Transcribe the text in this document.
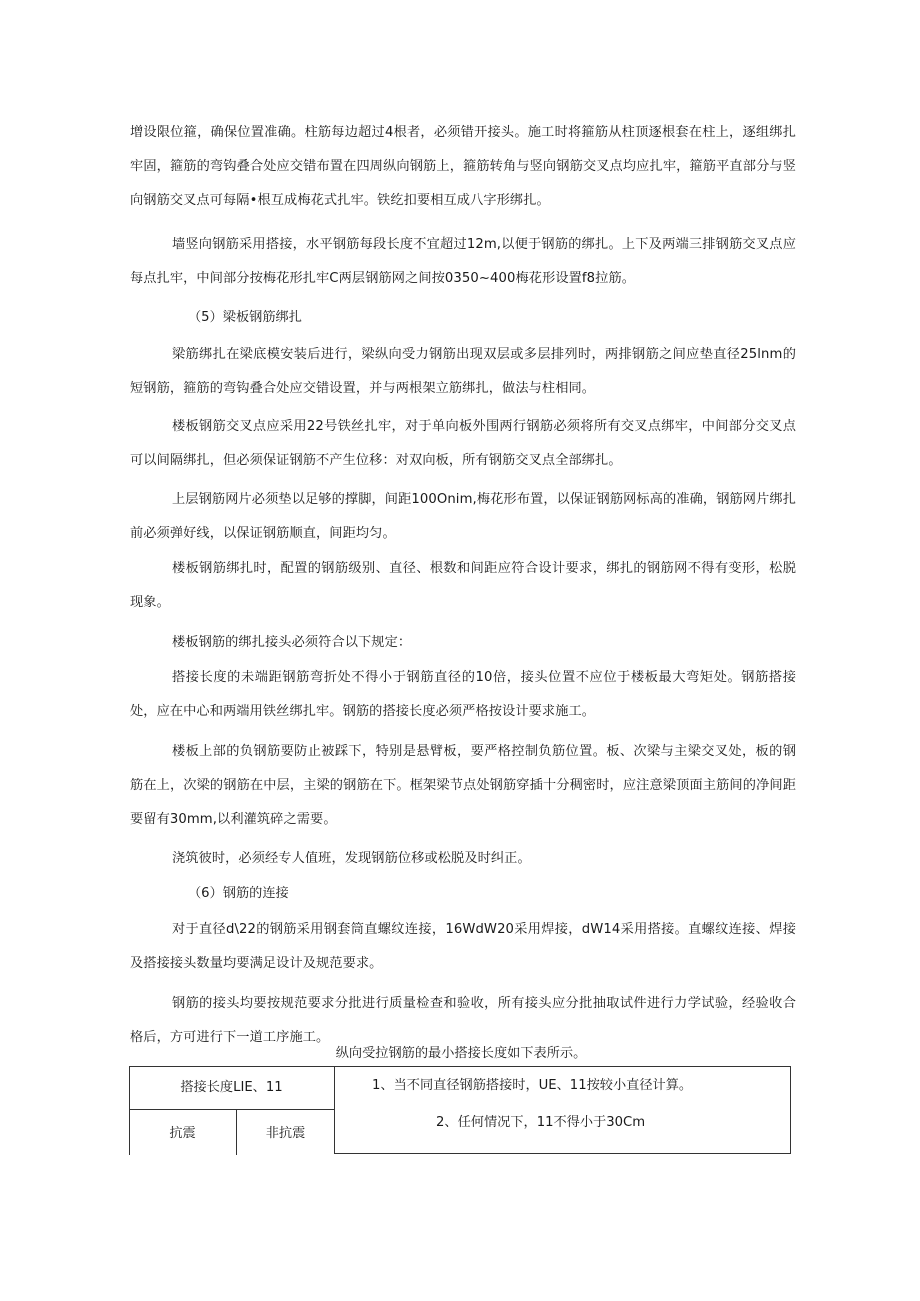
增设限位箍，确保位置准确。柱筋每边超过4根者，必须错开接头。施工时将箍筋从柱顶逐根套在柱上，逐组绑扎牢固，箍筋的弯钩叠合处应交错布置在四周纵向钢筋上，箍筋转角与竖向钢筋交叉点均应扎牢，箍筋平直部分与竖向钢筋交叉点可每隔•根互成梅花式扎牢。铁纥扣要相互成八字形绑扎。

墙竖向钢筋采用搭接，水平钢筋每段长度不宜超过12m,以便于钢筋的绑扎。上下及两端三排钢筋交叉点应每点扎牢，中间部分按梅花形扎牢C两层钢筋网之间按0350~400梅花形设置f8拉筋。

（5）梁板钢筋绑扎

梁筋绑扎在梁底模安装后进行，梁纵向受力钢筋出现双层或多层排列时，两排钢筋之间应垫直径25lnm的短钢筋，箍筋的弯钩叠合处应交错设置，并与两根架立筋绑扎，做法与柱相同。

楼板钢筋交叉点应采用22号铁丝扎牢，对于单向板外围两行钢筋必须将所有交叉点绑牢，中间部分交叉点可以间隔绑扎，但必须保证钢筋不产生位移：对双向板，所有钢筋交叉点全部绑扎。

上层钢筋网片必须垫以足够的撑脚，间距100Onim,梅花形布置，以保证钢筋网标高的准确，钢筋网片绑扎前必须弹好线，以保证钢筋顺直，间距均匀。

楼板钢筋绑扎时，配置的钢筋级别、直径、根数和间距应符合设计要求，绑扎的钢筋网不得有变形，松脱现象。

楼板钢筋的绑扎接头必须符合以下规定：

搭接长度的未端距钢筋弯折处不得小于钢筋直径的10倍，接头位置不应位于楼板最大弯矩处。钢筋搭接处，应在中心和两端用铁丝绑扎牢。钢筋的搭接长度必须严格按设计要求施工。

楼板上部的负钢筋要防止被踩下，特别是悬臂板，要严格控制负筋位置。板、次梁与主梁交叉处，板的钢筋在上，次梁的钢筋在中层，主梁的钢筋在下。框架梁节点处钢筋穿插十分稠密时，应注意梁顶面主筋间的净间距要留有30mm,以利灌筑碎之需要。

浇筑彼时，必须经专人值班，发现钢筋位移或松脱及时纠正。

（6）钢筋的连接

对于直径d\22的钢筋采用钢套筒直螺纹连接，16WdW20采用焊接，dW14采用搭接。直螺纹连接、焊接及搭接接头数量均要满足设计及规范要求。

钢筋的接头均要按规范要求分批进行质量检查和验收，所有接头应分批抽取试件进行力学试验，经验收合格后，方可进行下一道工序施工。

纵向受拉钢筋的最小搭接长度如下表所示。

搭接长度LIE、11
抗震	非抗震
1、当不同直径钢筋搭接时，UE、11按较小直径计算。
2、任何情况下，11不得小于30Cm
